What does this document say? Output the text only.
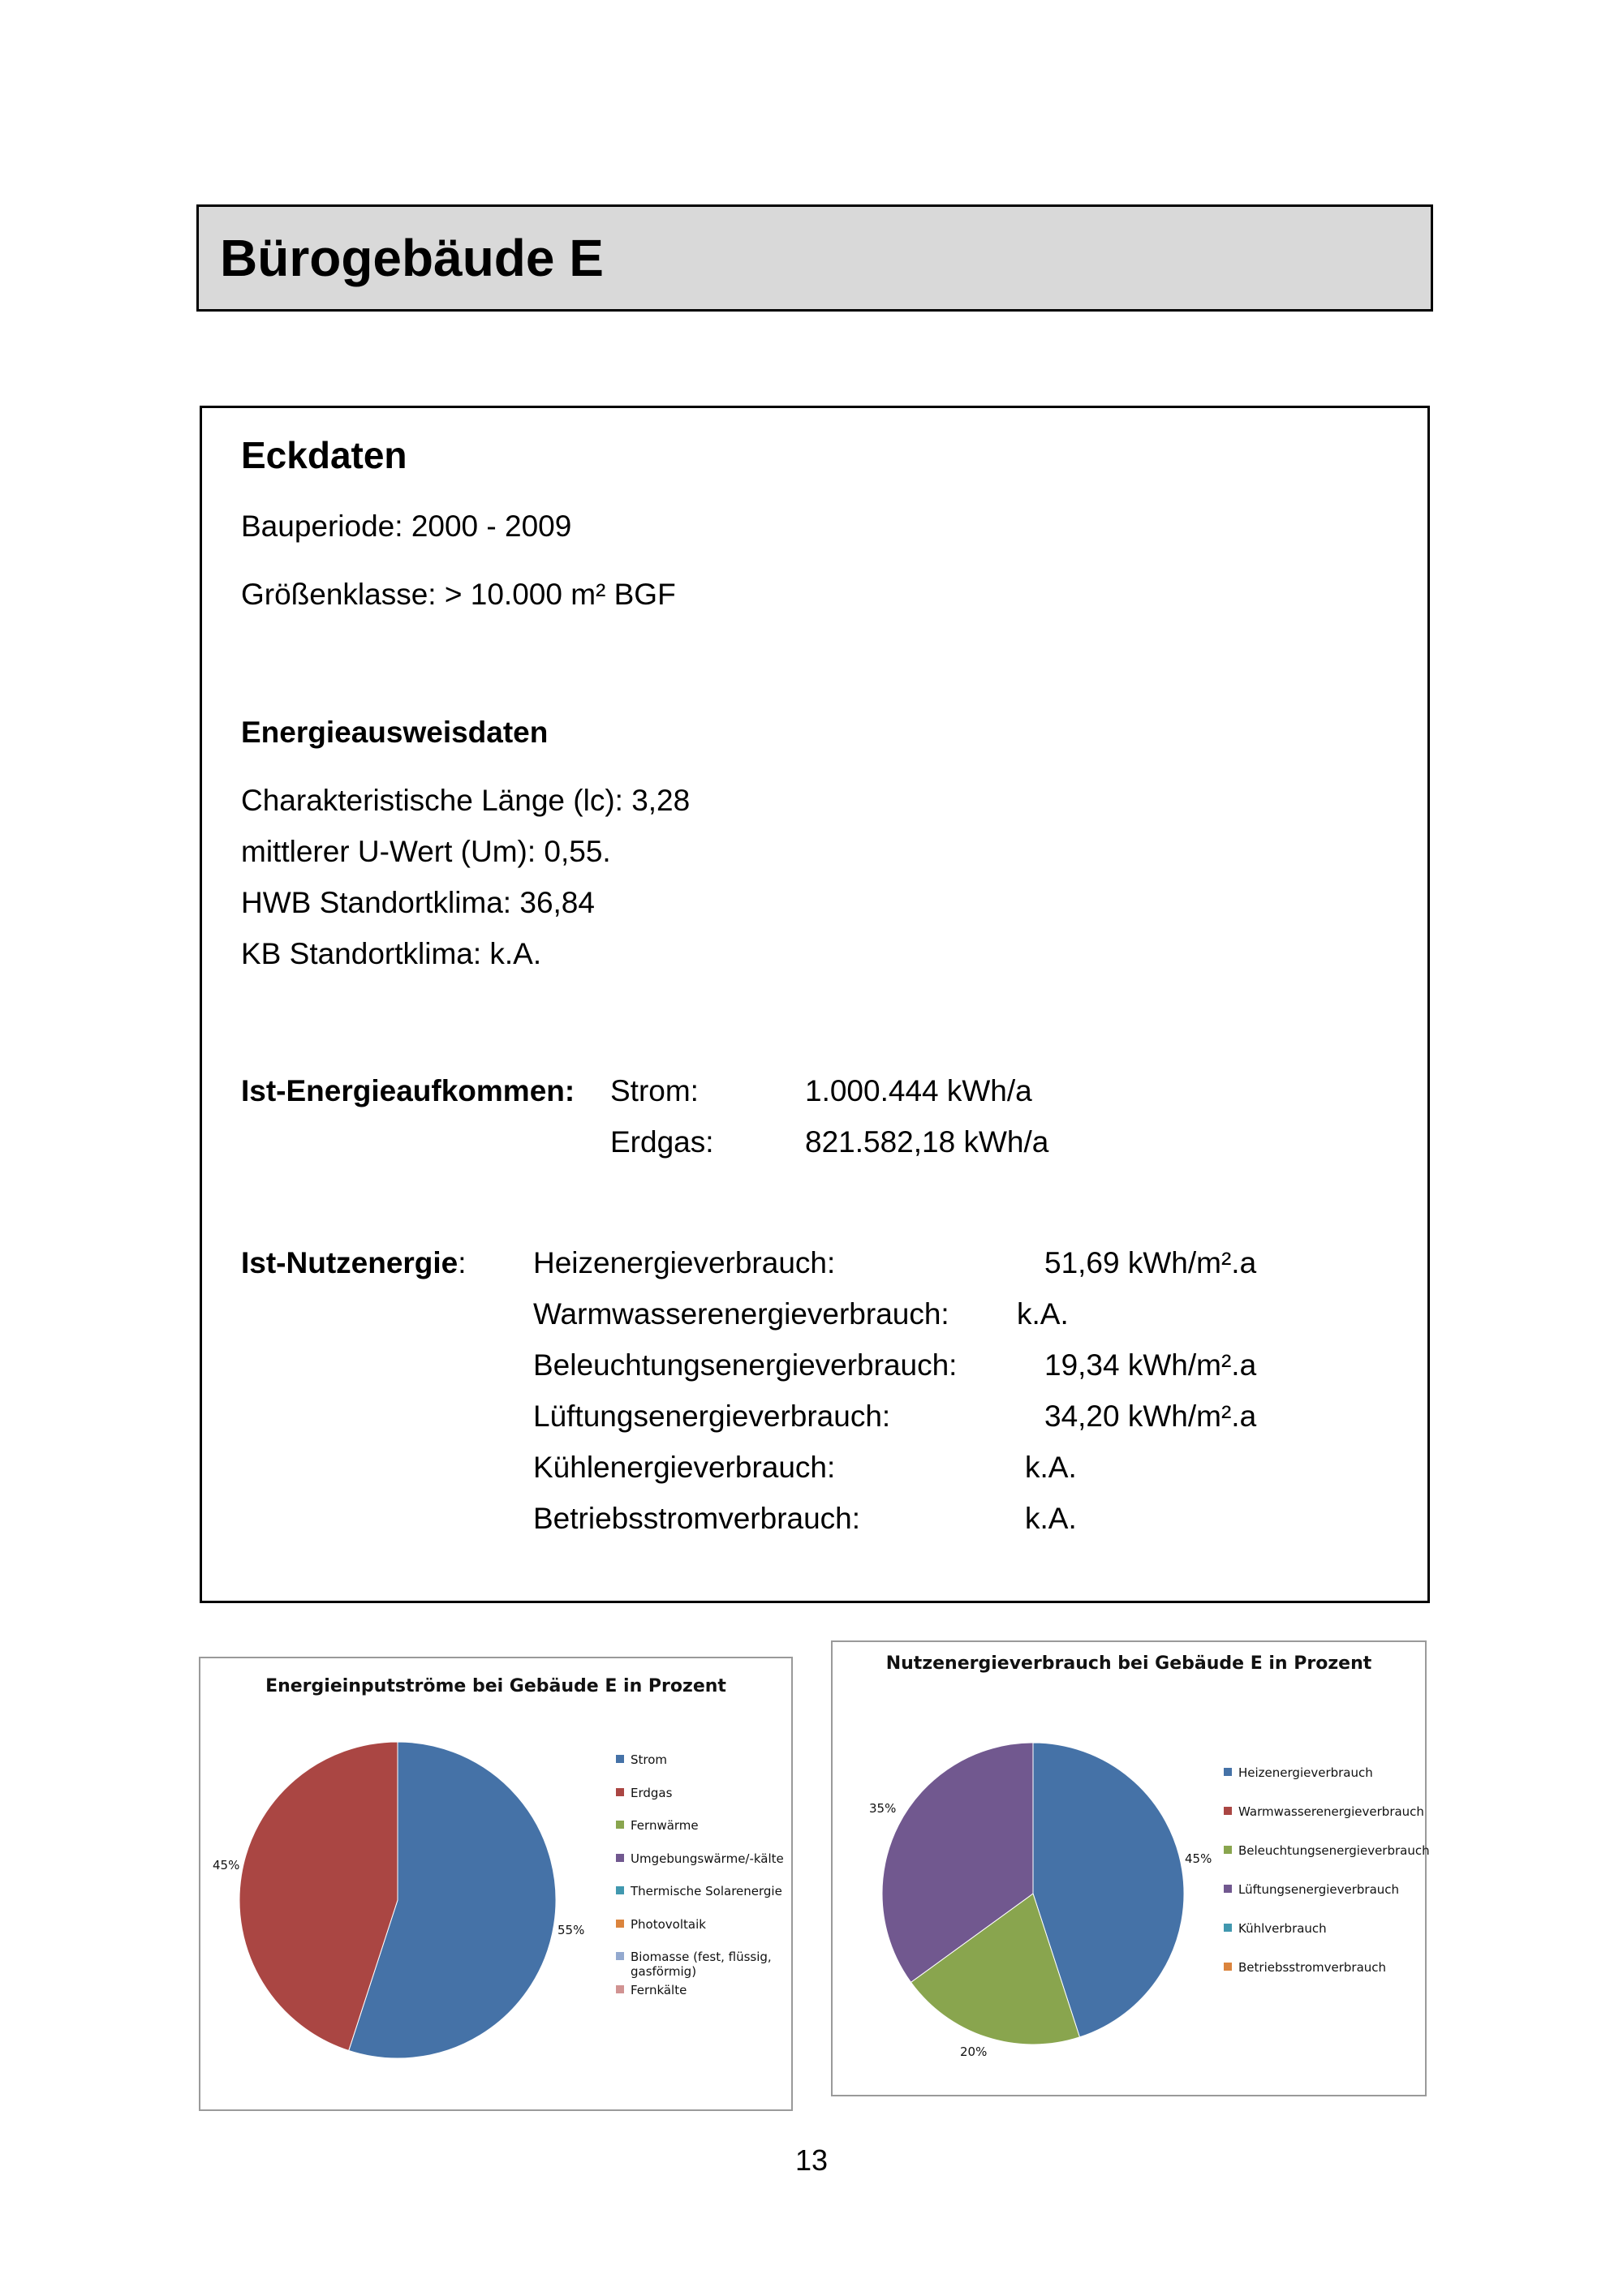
Bürogebäude E
Eckdaten
Bauperiode: 2000 - 2009
Größenklasse: > 10.000 m² BGF
Energieausweisdaten
Charakteristische Länge (lc): 3,28
mittlerer U-Wert (Um): 0,55.
HWB Standortklima: 36,84
KB Standortklima: k.A.
Ist-Energieaufkommen: Strom:	1.000.444 kWh/a
Erdgas:	821.582,18 kWh/a
Ist-Nutzenergie: Heizenergieverbrauch:	51,69 kWh/m².a
Warmwasserenergieverbrauch: k.A.
Beleuchtungsenergieverbrauch:	19,34 kWh/m².a
Lüftungsenergieverbrauch:	34,20 kWh/m².a
Kühlenergieverbrauch:	k.A.
Betriebsstromverbrauch:	k.A.
Energieinputströme bei Gebäude E in Prozent
45%
55%
Strom
Erdgas
Fernwärme
Umgebungswärme/-kälte
Thermische Solarenergie
Photovoltaik
Biomasse (fest, flüssig, gasförmig)
Fernkälte
Nutzenergieverbrauch bei Gebäude E in Prozent
45%
20%
35%
Heizenergieverbrauch
Warmwasserenergieverbrauch
Beleuchtungsenergieverbrauch
Lüftungsenergieverbrauch
Kühlverbrauch
Betriebsstromverbrauch
13
